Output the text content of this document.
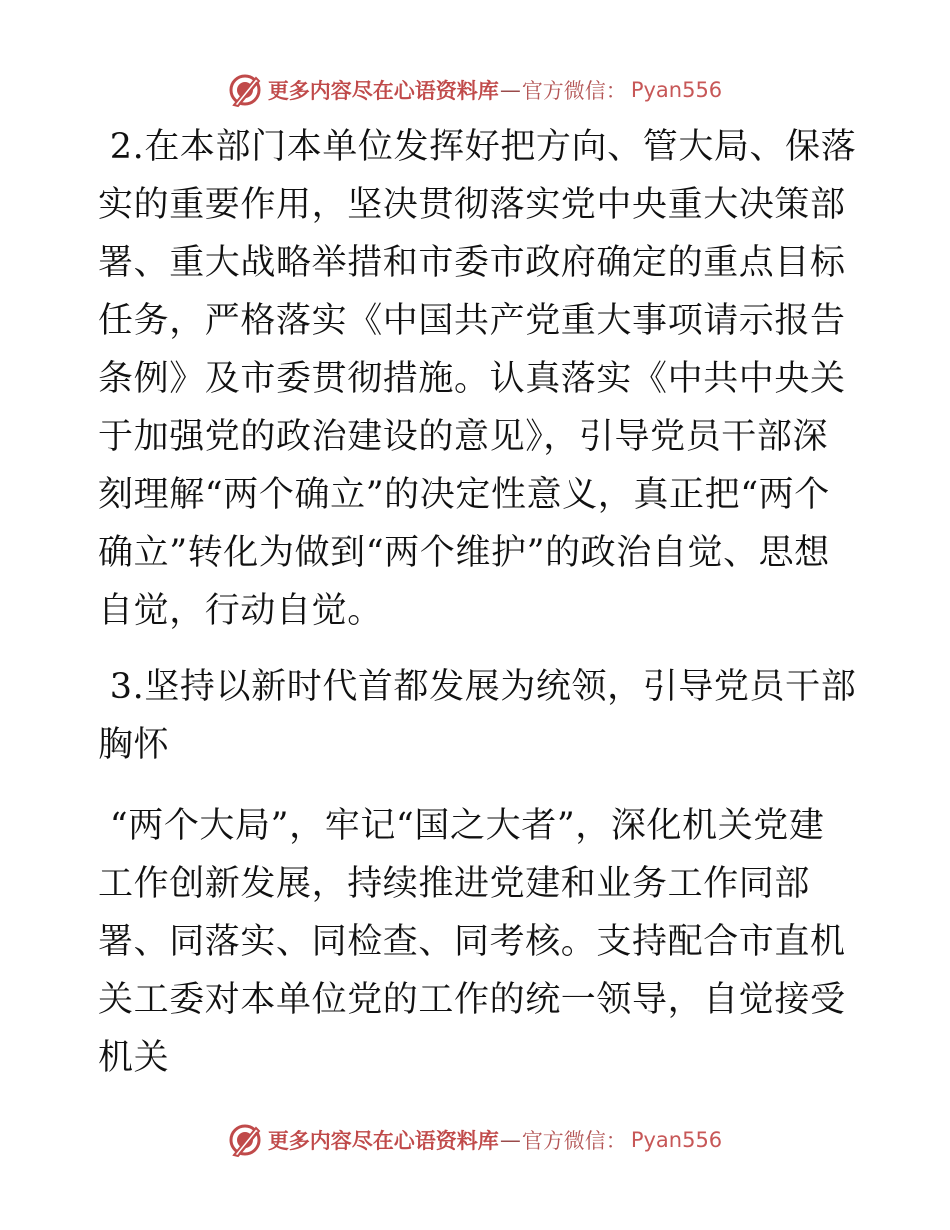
更多内容尽在心语资料库 — 官方微信： Pyan556

2.在本部门本单位发挥好把方向、管大局、保落实的重要作用，坚决贯彻落实党中央重大决策部署、重大战略举措和市委市政府确定的重点目标任务，严格落实《中国共产党重大事项请示报告条例》及市委贯彻措施。认真落实《中共中央关于加强党的政治建设的意见》，引导党员干部深刻理解“两个确立”的决定性意义，真正把“两个确立”转化为做到“两个维护”的政治自觉、思想自觉，行动自觉。

3.坚持以新时代首都发展为统领，引导党员干部胸怀

“两个大局”，牢记“国之大者”，深化机关党建工作创新发展，持续推进党建和业务工作同部署、同落实、同检查、同考核。支持配合市直机关工委对本单位党的工作的统一领导，自觉接受机关

更多内容尽在心语资料库 — 官方微信： Pyan556
